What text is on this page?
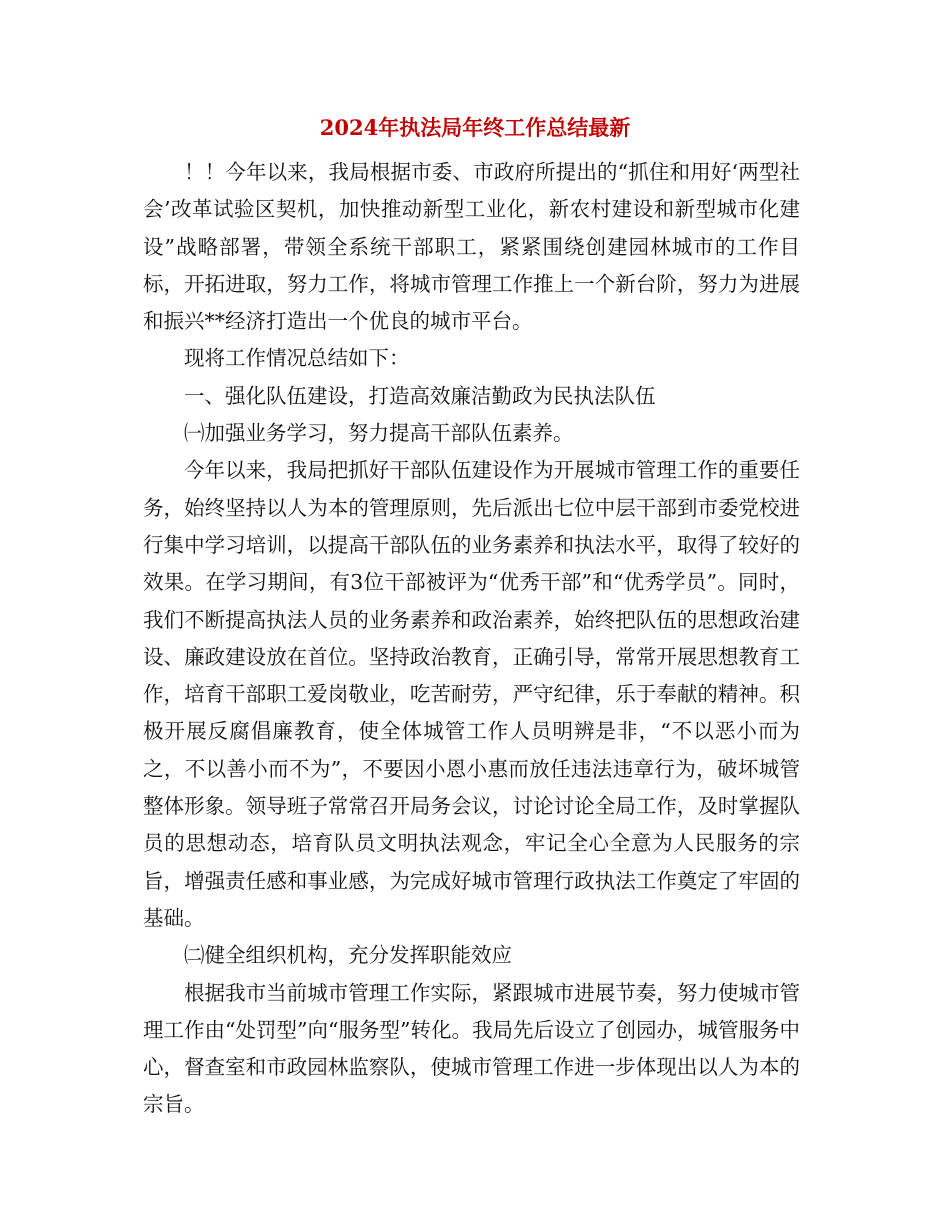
2024年执法局年终工作总结最新

！！今年以来，我局根据市委、市政府所提出的“抓住和用好‘两型社会’改革试验区契机，加快推动新型工业化，新农村建设和新型城市化建设”战略部署，带领全系统干部职工，紧紧围绕创建园林城市的工作目标，开拓进取，努力工作，将城市管理工作推上一个新台阶，努力为进展和振兴**经济打造出一个优良的城市平台。

现将工作情况总结如下：

一、强化队伍建设，打造高效廉洁勤政为民执法队伍

㈠加强业务学习，努力提高干部队伍素养。

今年以来，我局把抓好干部队伍建设作为开展城市管理工作的重要任务，始终坚持以人为本的管理原则，先后派出七位中层干部到市委党校进行集中学习培训，以提高干部队伍的业务素养和执法水平，取得了较好的效果。在学习期间，有3位干部被评为“优秀干部”和“优秀学员”。同时，我们不断提高执法人员的业务素养和政治素养，始终把队伍的思想政治建设、廉政建设放在首位。坚持政治教育，正确引导，常常开展思想教育工作，培育干部职工爱岗敬业，吃苦耐劳，严守纪律，乐于奉献的精神。积极开展反腐倡廉教育，使全体城管工作人员明辨是非，“不以恶小而为之，不以善小而不为”，不要因小恩小惠而放任违法违章行为，破坏城管整体形象。领导班子常常召开局务会议，讨论讨论全局工作，及时掌握队员的思想动态，培育队员文明执法观念，牢记全心全意为人民服务的宗旨，增强责任感和事业感，为完成好城市管理行政执法工作奠定了牢固的基础。

㈡健全组织机构，充分发挥职能效应

根据我市当前城市管理工作实际，紧跟城市进展节奏，努力使城市管理工作由“处罚型”向“服务型”转化。我局先后设立了创园办，城管服务中心，督查室和市政园林监察队，使城市管理工作进一步体现出以人为本的宗旨。
